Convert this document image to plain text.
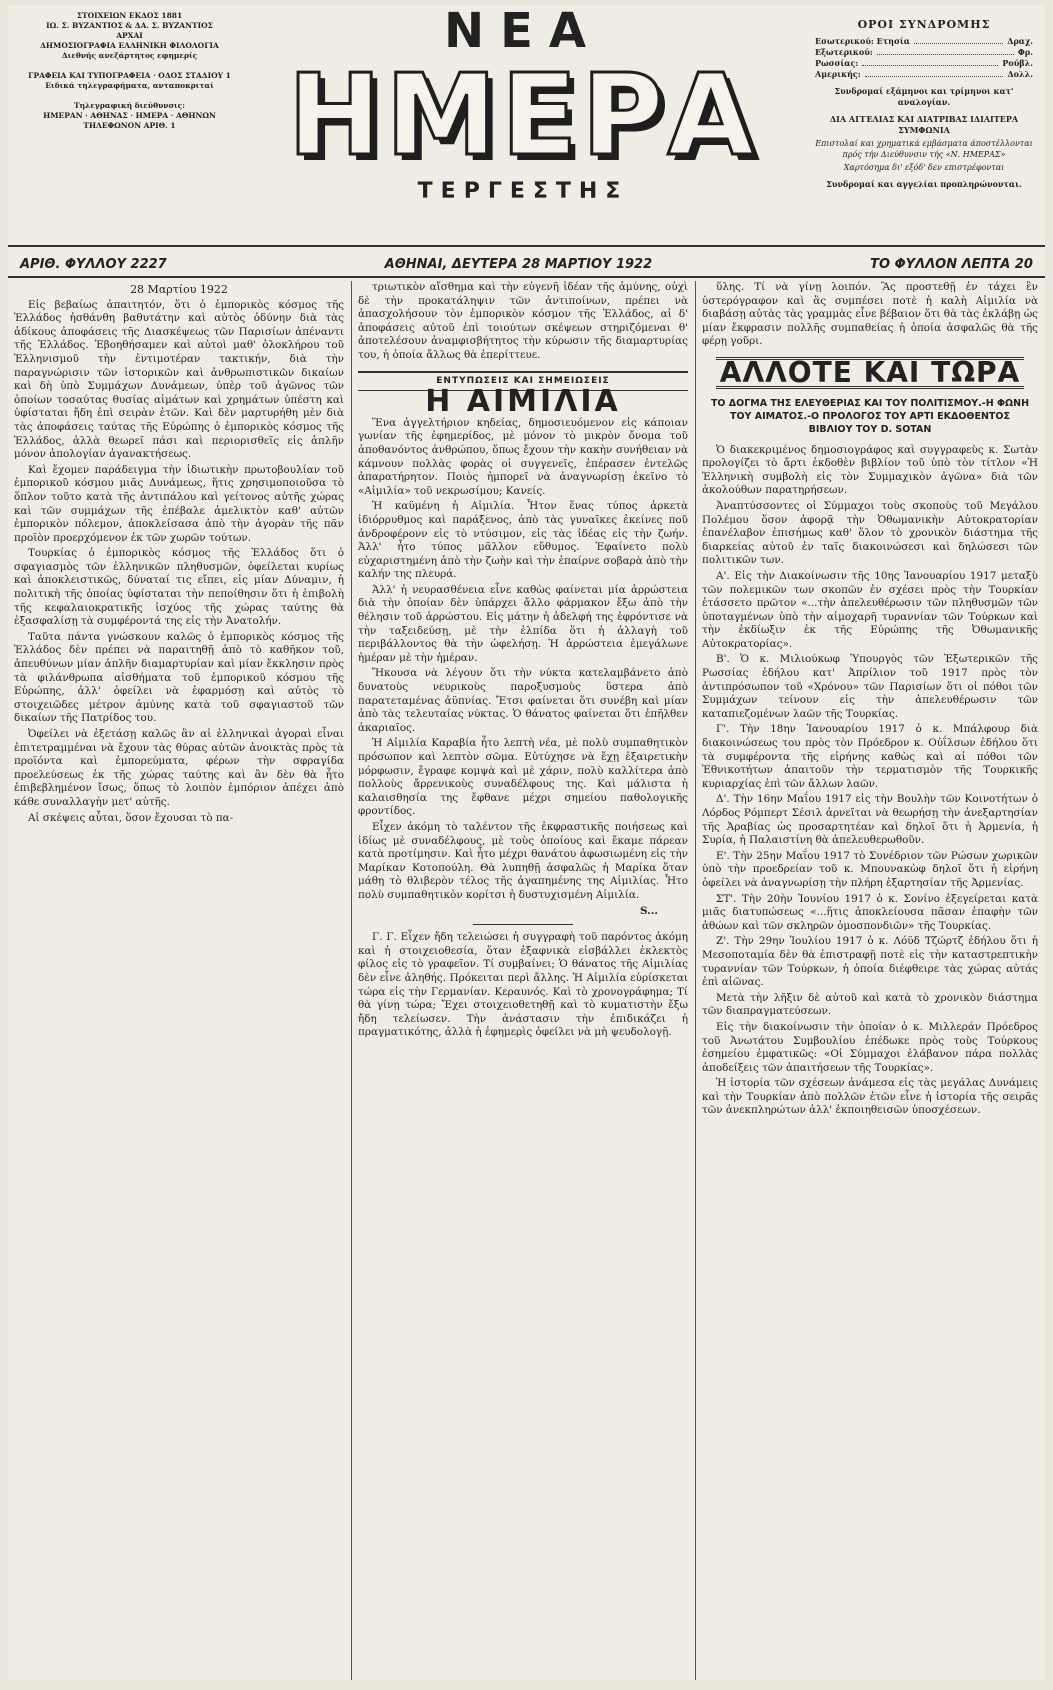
ΣΤΟΙΧΕΙΩΝ ΕΚΔΟΣ 1881
ΙΩ. Σ. ΒΥΖΑΝΤΙΟΣ & ΔΑ. Σ. ΒΥΖΑΝΤΙΟΣ
ΑΡΧΑΙ
ΔΗΜΟΣΙΟΓΡΑΦΙΑ ΕΛΛΗΝΙΚΗ ΦΙΛΟΛΟΓΙΑ
Διεθνής ανεξάρτητος εφημερίς
ΓΡΑΦΕΙΑ ΚΑΙ ΤΥΠΟΓΡΑΦΕΙΑ · ΟΔΟΣ ΣΤΑΔΙΟΥ 1
Ειδικά τηλεγραφήματα, ανταποκριταί
Τηλεγραφική διεύθυνσις:
ΗΜΕΡΑΝ · ΑΘΗΝΑΣ · ΗΜΕΡΑ · ΑΘΗΝΩΝ
ΤΗΛΕΦΩΝΟΝ ΑΡΙΘ. 1
ΝΕΑ
ΗΜΕΡΑ
ΤΕΡΓΕΣΤΗΣ
ΟΡΟΙ ΣΥΝΔΡΟΜΗΣ
Εσωτερικού: Ετησία	Δραχ.
Εξωτερικού:	Φρ.
Ρωσσίας:	Ρούβλ.
Αμερικής:	Δολλ.
Συνδρομαί εξάμηνοι και τρίμηνοι κατ' αναλογίαν.
ΔΙΑ ΑΓΓΕΛΙΑΣ ΚΑΙ ΔΙΑΤΡΙΒΑΣ ΙΔΙΑΙΤΕΡΑ ΣΥΜΦΩΝΙΑ
Επιστολαί και χρηματικά εμβάσματα άποστέλλονται πρός τήν Διεύθυνσιν τής «Ν. ΗΜΕΡΑΣ»
Χαρτόσημα δι' εξόδ' δεν επιστρέφονται
Συνδρομαί και αγγελίαι προπληρώνονται.
ΑΡΙΘ. ΦΥΛΛΟΥ 2227	ΑΘΗΝΑΙ, ΔΕΥΤΕΡΑ 28 ΜΑΡΤΙΟΥ 1922	ΤΟ ΦΥΛΛΟΝ ΛΕΠΤΑ 20
28 Μαρτίου 1922

Εἰς βεβαίως ἀπαιτητόν, ὅτι ὁ ἐμπορικὸς κόσμος τῆς Ἑλλάδος ἠσθάνθη βαθυτάτην καὶ αὐτὸς ὀδύνην διὰ τὰς ἀδίκους ἀποφάσεις τῆς Διασκέψεως τῶν Παρισίων ἀπέναντι τῆς Ἑλλάδος. Ἐβοηθήσαμεν καὶ αὐτοὶ μαθ' ὁλοκλήρου τοῦ Ἑλληνισμοῦ τὴν ἐντιμοτέραν τακτικήν, διὰ τὴν παραγνώρισιν τῶν ἱστορικῶν καὶ ἀνθρωπιστικῶν δικαίων καὶ δὴ ὑπὸ Συμμάχων Δυνάμεων, ὑπὲρ τοῦ ἀγῶνος τῶν ὁποίων τοσαύτας θυσίας αἱμάτων καὶ χρημάτων ὑπέστη καὶ ὑφίσταται ἤδη ἐπὶ σειρὰν ἐτῶν. Καὶ δὲν μαρτυρήθη μὲν διὰ τὰς ἀποφάσεις ταύτας τῆς Εὐρώπης ὁ ἐμπορικὸς κόσμος τῆς Ἑλλάδος, ἀλλὰ θεωρεῖ πάσι καὶ περιορισθεῖς εἰς ἀπλῆν μόνον ἀπολογίαν ἀγανακτήσεως.

Καὶ ἔχομεν παράδειγμα τὴν ἰδιωτικὴν πρωτοβουλίαν τοῦ ἐμπορικοῦ κόσμου μιᾶς Δυνάμεως, ἥτις χρησιμοποιοῦσα τὸ ὅπλον τοῦτο κατὰ τῆς ἀντιπάλου καὶ γείτονος αὐτῆς χώρας καὶ τῶν συμμάχων τῆς ἐπέβαλε ἀμελικτὸν καθ' αὐτῶν ἐμπορικὸν πόλεμον, ἀποκλείσασα ἀπὸ τὴν ἀγορὰν τῆς πᾶν προϊὸν προερχόμενον ἐκ τῶν χωρῶν τούτων.

Τουρκίας ὁ ἐμπορικὸς κόσμος τῆς Ἑλλάδος ὅτι ὁ σφαγιασμὸς τῶν ἑλληνικῶν πληθυσμῶν, ὀφείλεται κυρίως καὶ ἀποκλειστικῶς, δύναταί τις εἴπει, εἰς μίαν Δύναμιν, ἡ πολιτικὴ τῆς ὁποίας ὑφίσταται τὴν πεποίθησιν ὅτι ἡ ἐπιβολὴ τῆς κεφαλαιοκρατικῆς ἰσχύος τῆς χώρας ταύτης θὰ ἐξασφαλίσῃ τὰ συμφέροντά της εἰς τὴν Ἀνατολήν.

Ταῦτα πάντα γνώσκουν καλῶς ὁ ἐμπορικὸς κόσμος τῆς Ἑλλάδος δὲν πρέπει νὰ παραιτηθῇ ἀπὸ τὸ καθῆκον τοῦ, ἀπευθύνων μίαν ἀπλῆν διαμαρτυρίαν καὶ μίαν ἔκκλησιν πρὸς τὰ φιλάνθρωπα αἰσθήματα τοῦ ἐμπορικοῦ κόσμου τῆς Εὐρώπης, ἀλλ' ὀφείλει νὰ ἐφαρμόσῃ καὶ αὐτὸς τὸ στοιχειῶδες μέτρον ἀμύνης κατὰ τοῦ σφαγιαστοῦ τῶν δικαίων τῆς Πατρίδος του.

Ὀφείλει νὰ ἐξετάσῃ καλῶς ἂν αἱ ἑλληνικαὶ ἀγοραὶ εἶναι ἐπιτετραμμέναι νὰ ἔχουν τὰς θύρας αὐτῶν ἀνοικτὰς πρὸς τὰ προϊόντα καὶ ἐμπορεύματα, φέρων τὴν σφραγίδα προελεύσεως ἐκ τῆς χώρας ταύτης καὶ ἂν δὲν θὰ ἦτο ἐπιβεβλημένον ἴσως, ὅπως τὸ λοιπὸν ἐμπόριον ἀπέχει ἀπὸ κάθε συναλλαγὴν μετ' αὐτῆς.

Αἱ σκέψεις αὗται, ὅσον ἔχουσαι τὸ πα-

τριωτικὸν αἴσθημα καὶ τὴν εὐγενῆ ἰδέαν τῆς ἀμύνης, οὐχὶ δὲ τὴν προκατάληψιν τῶν ἀντιποίνων, πρέπει νὰ ἀπασχολήσουν τὸν ἐμπορικὸν κόσμον τῆς Ἑλλάδος, αἱ δ' ἀποφάσεις αὐτοῦ ἐπὶ τοιούτων σκέψεων στηριζόμεναι θ' ἀποτελέσουν ἀναμφισβήτητος τὴν κύρωσιν τῆς διαμαρτυρίας του, ἡ ὁποία ἄλλως θὰ ἐπερίττευε.

ΕΝΤΥΠΩΣΕΙΣ ΚΑΙ ΣΗΜΕΙΩΣΕΙΣ
Η ΑΙΜΙΛΙΑ

Ἕνα ἀγγελτήριον κηδείας, δημοσιευόμενον εἰς κάποιαν γωνίαν τῆς ἐφημερίδος, μὲ μόνον τὸ μικρὸν ὄνομα τοῦ ἀποθανόντος ἀνθρώπου, ὅπως ἔχουν τὴν κακὴν συνήθειαν νὰ κάμνουν πολλὰς φορὰς οἱ συγγενεῖς, ἐπέρασεν ἐντελῶς ἀπαρατήρητον. Ποιὸς ἠμπορεῖ νὰ ἀναγνωρίσῃ ἐκεῖνο τὸ «Αἰμιλία» τοῦ νεκρωσίμου; Κανείς.

Ἡ καϋμένη ἡ Αἰμιλία. Ἦτον ἕνας τύπος ἀρκετὰ ἰδιόρρυθμος καὶ παράξενος, ἀπὸ τὰς γυναῖκες ἐκείνες ποῦ ἀνδροφέρονν εἰς τὸ ντύσιμον, εἰς τὰς ἰδέας εἰς τὴν ζωήν. Ἀλλ' ἦτο τύπος μᾶλλον εὔθυμος. Ἐφαίνετο πολὺ εὐχαριστημένη ἀπὸ τὴν ζωὴν καὶ τὴν ἐπαίρνε σοβαρὰ ἀπὸ τὴν καλήν της πλευρά.

Ἀλλ' ἡ νευρασθένεια εἶνε καθὼς φαίνεται μία ἀρρώστεια διὰ τὴν ὁποίαν δὲν ὑπάρχει ἄλλο φάρμακον ἔξω ἀπὸ τὴν θέλησιν τοῦ ἀρρώστου. Εἰς μάτην ἡ ἀδελφή της ἐφρόντισε νὰ τὴν ταξειδεύσῃ, μὲ τὴν ἐλπίδα ὅτι ἡ ἀλλαγὴ τοῦ περιβάλλοντος θὰ τὴν ὠφελήσῃ. Ἡ ἀρρώστεια ἐμεγάλωνε ἡμέραν μὲ τὴν ἡμέραν.

Ἤκουσα νὰ λέγουν ὅτι τὴν νύκτα κατελαμβάνετο ἀπὸ δυνατοὺς νευρικοὺς παροξυσμοὺς ὕστερα ἀπὸ παρατεταμένας ἀϋπνίας. Ἔτσι φαίνεται ὅτι συνέβη καὶ μίαν ἀπὸ τὰς τελευταίας νύκτας. Ὁ θάνατος φαίνεται ὅτι ἐπῆλθεν ἀκαριαῖος.

Ἡ Αἰμιλία Καραβία ἦτο λεπτὴ νέα, μὲ πολὺ συμπαθητικὸν πρόσωπον καὶ λεπτὸν σῶμα. Εὐτύχησε νὰ ἔχῃ ἐξαιρετικὴν μόρφωσιν, ἔγραφε κομψὰ καὶ μὲ χάριν, πολὺ καλλίτερα ἀπὸ πολλοὺς ἄρρενικοὺς συναδέλφους της. Καὶ μάλιστα ἡ καλαισθησία της ἔφθανε μέχρι σημείου παθολογικῆς φροντίδος.

Εἶχεν ἀκόμη τὸ ταλέντον τῆς ἐκφραστικῆς ποιήσεως καὶ ἰδίως μὲ συναδέλφους, μὲ τοὺς ὁποίους καὶ ἔκαμε πάρεαν κατὰ προτίμησιν. Καὶ ἦτο μέχρι θανάτου ἀφωσιωμένη εἰς τὴν Μαρίκαν Κοτοπούλη. Θὰ λυπηθῇ ἀσφαλῶς ἡ Μαρίκα ὅταν μάθῃ τὸ θλιβερὸν τέλος τῆς ἀγαπημένης της Αἰμιλίας. Ἦτο πολὺ συμπαθητικὸν κορίτσι ἡ δυστυχισμένη Αἰμιλία.

S...

Γ. Γ. Εἶχεν ἤδη τελειώσει ἡ συγγραφὴ τοῦ παρόντος ἀκόμη καὶ ἡ στοιχειοθεσία, ὅταν ἐξαφνικὰ εἰσβάλλει ἐκλεκτὸς φίλος εἰς τὸ γραφεῖον. Τί συμβαίνει; Ὁ θάνατος τῆς Αἰμιλίας δὲν εἶνε ἀληθής. Πρόκειται περὶ ἄλλης. Ἡ Αἰμιλία εὑρίσκεται τώρα εἰς τὴν Γερμανίαν. Κεραυνός. Καὶ τὸ χρονογράφημα; Τί θὰ γίνῃ τώρα; Ἔχει στοιχειοθετηθῇ καὶ τὸ κυματιστὴν ἔξω ἤδη τελείωσεν. Τὴν ἀνάστασιν τὴν ἐπιδικάζει ἡ πραγματικότης, ἀλλὰ ἡ ἐφημερὶς ὀφείλει νὰ μὴ ψευδολογῇ.

ὕλης. Τί νὰ γίνῃ λοιπόν. Ἂς προστεθῇ ἐν τάχει ἓν ὑστερόγραφον καὶ ἂς συμπέσει ποτὲ ἡ καλὴ Αἰμιλία νὰ διαβάσῃ αὐτὰς τὰς γραμμὰς εἶνε βέβαιον ὅτι θὰ τὰς ἐκλάβῃ ὡς μίαν ἔκφρασιν πολλῆς συμπαθείας ἡ ὁποία ἀσφαλῶς θὰ τῆς φέρῃ γοῦρι.

ΑΛΛΟΤΕ ΚΑΙ ΤΩΡΑ
ΤΟ ΔΟΓΜΑ ΤΗΣ ΕΛΕΥΘΕΡΙΑΣ ΚΑΙ ΤΟΥ ΠΟΛΙΤΙΣΜΟΥ.-Η ΦΩΝΗ ΤΟΥ ΑΙΜΑΤΟΣ.-Ο ΠΡΟΛΟΓΟΣ ΤΟΥ ΑΡΤΙ ΕΚΔΟΘΕΝΤΟΣ ΒΙΒΛΙΟΥ ΤΟΥ D. SOTAN

Ὁ διακεκριμένος δημοσιογράφος καὶ συγγραφεὺς κ. Σωτὰν προλογίζει τὸ ἄρτι ἐκδοθὲν βιβλίον τοῦ ὑπὸ τὸν τίτλον «Ἡ Ἑλληνικὴ συμβολὴ εἰς τὸν Συμμαχικὸν ἀγῶνα» διὰ τῶν ἀκολούθων παρατηρήσεων.

Ἀναπτύσσοντες οἱ Σύμμαχοι τοὺς σκοποὺς τοῦ Μεγάλου Πολέμου ὅσον ἀφορᾷ τὴν Ὀθωμανικὴν Αὐτοκρατορίαν ἐπανέλαβον ἐπισήμως καθ' ὅλον τὸ χρονικὸν διάστημα τῆς διαρκείας αὐτοῦ ἐν ταῖς διακοινώσεσι καὶ δηλώσεσι τῶν πολιτικῶν των.

Α'. Εἰς τὴν Διακοίνωσιν τῆς 10ης Ἰανουαρίου 1917 μεταξὺ τῶν πολεμικῶν των σκοπῶν ἐν σχέσει πρὸς τὴν Τουρκίαν ἐτάσσετο πρῶτον «...τὴν ἀπελευθέρωσιν τῶν πληθυσμῶν τῶν ὑποταγμένων ὑπὸ τὴν αἱμοχαρῆ τυραννίαν τῶν Τούρκων καὶ τὴν ἐκδίωξιν ἐκ τῆς Εὐρώπης τῆς Ὀθωμανικῆς Αὐτοκρατορίας».

Β'. Ὁ κ. Μιλιούκωφ Ὑπουργὸς τῶν Ἐξωτερικῶν τῆς Ρωσσίας ἐδήλου κατ' Ἀπρίλιον τοῦ 1917 πρὸς τὸν ἀντιπρόσωπον τοῦ «Χρόνου» τῶν Παρισίων ὅτι οἱ πόθοι τῶν Συμμάχων τείνουν εἰς τὴν ἀπελευθέρωσιν τῶν καταπιεζομένων λαῶν τῆς Τουρκίας.

Γ'. Τὴν 18ην Ἰανουαρίου 1917 ὁ κ. Μπάλφουρ διὰ διακοινώσεως του πρὸς τὸν Πρόεδρον κ. Οὐΐλσων ἐδήλου ὅτι τὰ συμφέροντα τῆς εἰρήνης καθὼς καὶ αἱ πόθοι τῶν Ἐθνικοτήτων ἀπαιτοῦν τὴν τερματισμὸν τῆς Τουρκικῆς κυριαρχίας ἐπὶ τῶν ἄλλων λαῶν.

Δ'. Τὴν 16ην Μαΐου 1917 εἰς τὴν Βουλὴν τῶν Κοινοτήτων ὁ Λόρδος Ρόμπερτ Σέσιλ ἀρνεῖται νὰ θεωρήσῃ τὴν ἀνεξαρτησίαν τῆς Ἀραβίας ὡς προσαρτητέαν καὶ δηλοῖ ὅτι ἡ Ἀρμενία, ἡ Συρία, ἡ Παλαιστίνη θὰ ἀπελευθερωθοῦν.

Ε'. Τὴν 25ην Μαΐου 1917 τὸ Συνέδριον τῶν Ρώσων χωρικῶν ὑπὸ τὴν προεδρείαν τοῦ κ. Μπουνακὼφ δηλοῖ ὅτι ἡ εἰρήνη ὀφείλει νὰ ἀναγνωρίσῃ τὴν πλήρη ἐξαρτησίαν τῆς Ἀρμενίας.

ΣΤ'. Τὴν 20ὴν Ἰουνίου 1917 ὁ κ. Σονίνο ἐξεγείρεται κατὰ μιᾶς διατυπώσεως «...ἥτις ἀποκλείουσα πᾶσαν ἐπαφὴν τῶν ἀθώων καὶ τῶν σκληρῶν ὀμοσπονδιῶν» τῆς Τουρκίας.

Ζ'. Τὴν 29ην Ἰουλίου 1917 ὁ κ. Λόϋδ Τζώρτζ ἐδήλου ὅτι ἡ Μεσοποταμία δὲν θὰ ἐπιστραφῇ ποτὲ εἰς τὴν καταστρεπτικὴν τυραννίαν τῶν Τούρκων, ἡ ὁποία διέφθειρε τὰς χώρας αὐτάς ἐπὶ αἰῶνας.

Μετὰ τὴν λῆξιν δὲ αὐτοῦ καὶ κατὰ τὸ χρονικὸν διάστημα τῶν διαπραγματεύσεων.

Εἰς τὴν διακοίνωσιν τὴν ὁποίαν ὁ κ. Μιλλεράν Πρόεδρος τοῦ Ἀνωτάτου Συμβουλίου ἐπέδωκε πρὸς τοὺς Τούρκους ἐσημείου ἐμφατικῶς: «Οἱ Σύμμαχοι ἐλάβανον πάρα πολλὰς ἀποδείξεις τῶν ἀπαιτήσεων τῆς Τουρκίας».

Ἡ ἱστορία τῶν σχέσεων ἀνάμεσα εἰς τὰς μεγάλας Δυνάμεις καὶ τὴν Τουρκίαν ἀπὸ πολλῶν ἐτῶν εἶνε ἡ ἱστορία τῆς σειρᾶς τῶν ἀνεκπληρώτων ἀλλ' ἐκποιηθεισῶν ὑποσχέσεων.
